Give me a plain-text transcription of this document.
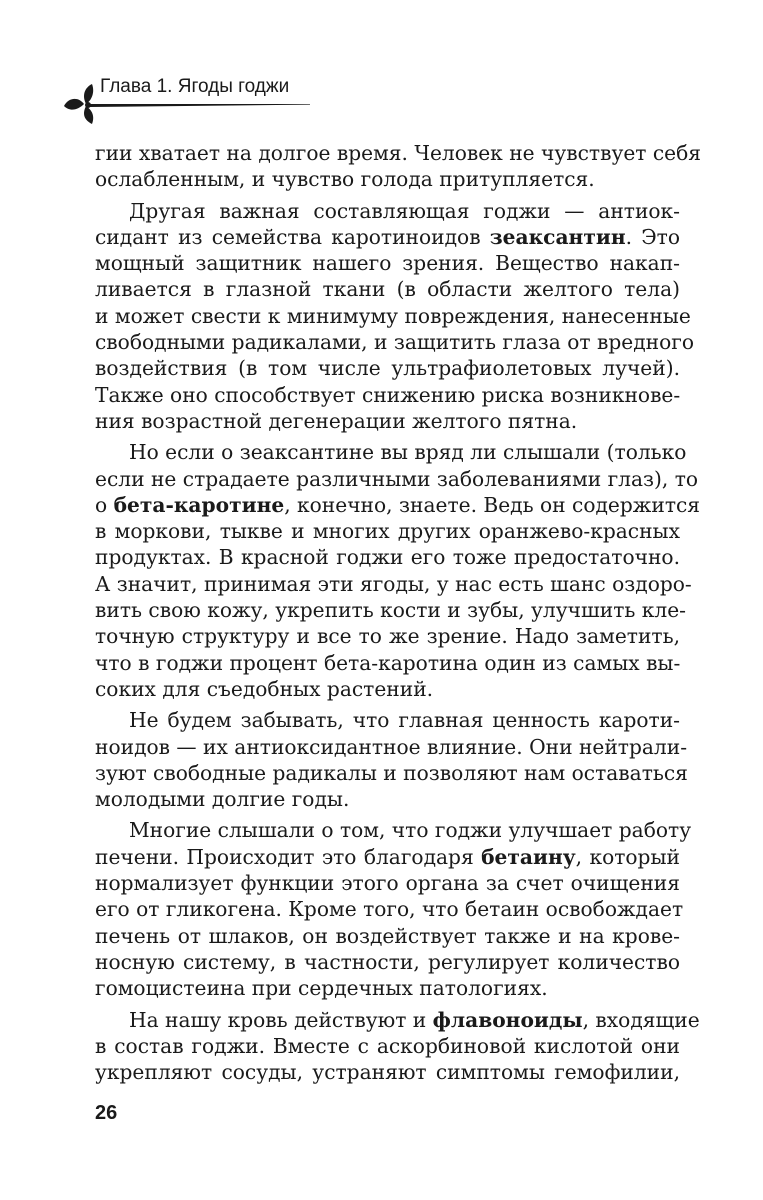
Глава 1. Ягоды годжи
гии хватает на долгое время. Человек не чувствует себя
ослабленным, и чувство голода притупляется.
Другая важная составляющая годжи — антиок-
сидант из семейства каротиноидов зеаксантин. Это
мощный защитник нашего зрения. Вещество накап-
ливается в глазной ткани (в области желтого тела)
и может свести к минимуму повреждения, нанесенные
свободными радикалами, и защитить глаза от вредного
воздействия (в том числе ультрафиолетовых лучей).
Также оно способствует снижению риска возникнове-
ния возрастной дегенерации желтого пятна.
Но если о зеаксантине вы вряд ли слышали (только
если не страдаете различными заболеваниями глаз), то
о бета-каротине, конечно, знаете. Ведь он содержится
в моркови, тыкве и многих других оранжево-красных
продуктах. В красной годжи его тоже предостаточно.
А значит, принимая эти ягоды, у нас есть шанс оздоро-
вить свою кожу, укрепить кости и зубы, улучшить кле-
точную структуру и все то же зрение. Надо заметить,
что в годжи процент бета-каротина один из самых вы-
соких для съедобных растений.
Не будем забывать, что главная ценность кароти-
ноидов — их антиоксидантное влияние. Они нейтрали-
зуют свободные радикалы и позволяют нам оставаться
молодыми долгие годы.
Многие слышали о том, что годжи улучшает работу
печени. Происходит это благодаря бетаину, который
нормализует функции этого органа за счет очищения
его от гликогена. Кроме того, что бетаин освобождает
печень от шлаков, он воздействует также и на крове-
носную систему, в частности, регулирует количество
гомоцистеина при сердечных патологиях.
На нашу кровь действуют и флавоноиды, входящие
в состав годжи. Вместе с аскорбиновой кислотой они
укрепляют сосуды, устраняют симптомы гемофилии,
26
